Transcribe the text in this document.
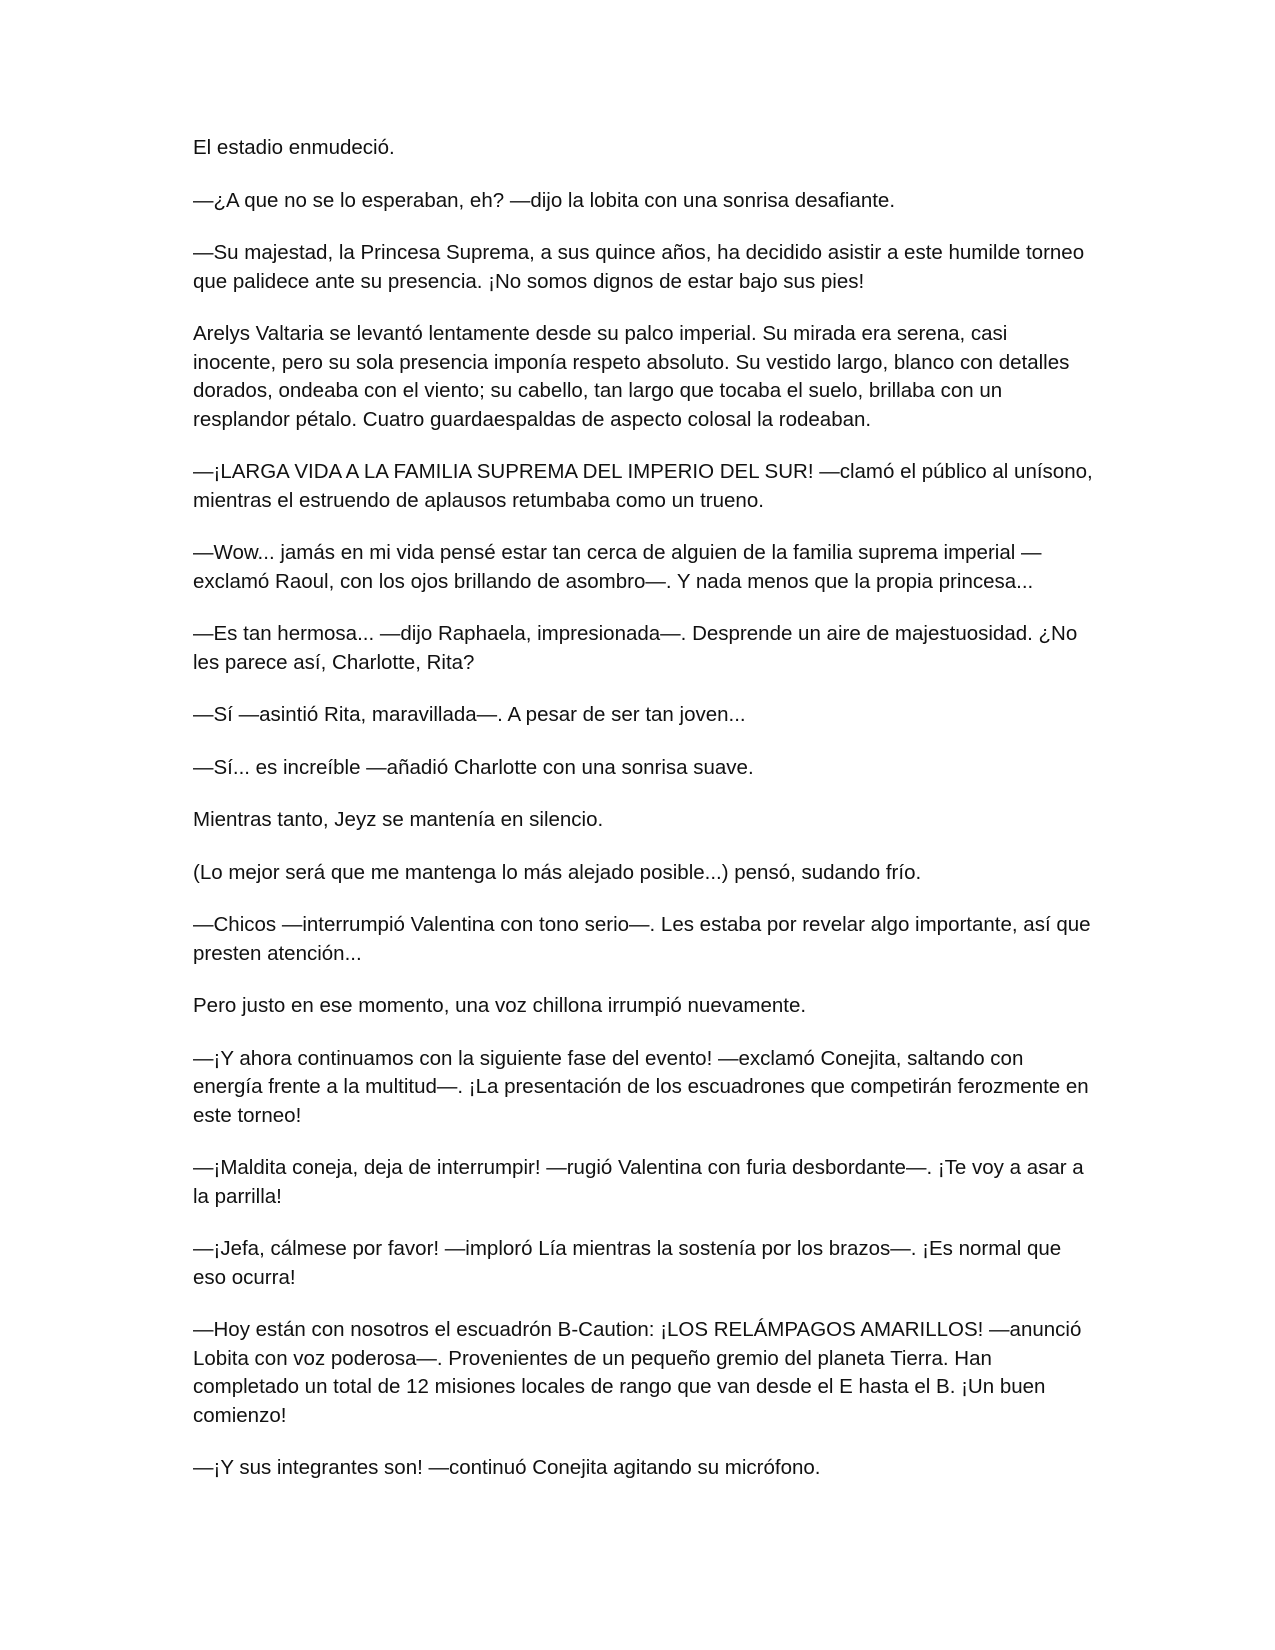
El estadio enmudeció.

—¿A que no se lo esperaban, eh? —dijo la lobita con una sonrisa desafiante.

—Su majestad, la Princesa Suprema, a sus quince años, ha decidido asistir a este humilde torneo que palidece ante su presencia. ¡No somos dignos de estar bajo sus pies!

Arelys Valtaria se levantó lentamente desde su palco imperial. Su mirada era serena, casi inocente, pero su sola presencia imponía respeto absoluto. Su vestido largo, blanco con detalles dorados, ondeaba con el viento; su cabello, tan largo que tocaba el suelo, brillaba con un resplandor pétalo. Cuatro guardaespaldas de aspecto colosal la rodeaban.

—¡LARGA VIDA A LA FAMILIA SUPREMA DEL IMPERIO DEL SUR! —clamó el público al unísono, mientras el estruendo de aplausos retumbaba como un trueno.

—Wow... jamás en mi vida pensé estar tan cerca de alguien de la familia suprema imperial —exclamó Raoul, con los ojos brillando de asombro—. Y nada menos que la propia princesa...

—Es tan hermosa... —dijo Raphaela, impresionada—. Desprende un aire de majestuosidad. ¿No les parece así, Charlotte, Rita?

—Sí —asintió Rita, maravillada—. A pesar de ser tan joven...

—Sí... es increíble —añadió Charlotte con una sonrisa suave.

Mientras tanto, Jeyz se mantenía en silencio.

(Lo mejor será que me mantenga lo más alejado posible...) pensó, sudando frío.

—Chicos —interrumpió Valentina con tono serio—. Les estaba por revelar algo importante, así que presten atención...

Pero justo en ese momento, una voz chillona irrumpió nuevamente.

—¡Y ahora continuamos con la siguiente fase del evento! —exclamó Conejita, saltando con energía frente a la multitud—. ¡La presentación de los escuadrones que competirán ferozmente en este torneo!

—¡Maldita coneja, deja de interrumpir! —rugió Valentina con furia desbordante—. ¡Te voy a asar a la parrilla!

—¡Jefa, cálmese por favor! —imploró Lía mientras la sostenía por los brazos—. ¡Es normal que eso ocurra!

—Hoy están con nosotros el escuadrón B-Caution: ¡LOS RELÁMPAGOS AMARILLOS! —anunció Lobita con voz poderosa—. Provenientes de un pequeño gremio del planeta Tierra. Han completado un total de 12 misiones locales de rango que van desde el E hasta el B. ¡Un buen comienzo!

—¡Y sus integrantes son! —continuó Conejita agitando su micrófono.
